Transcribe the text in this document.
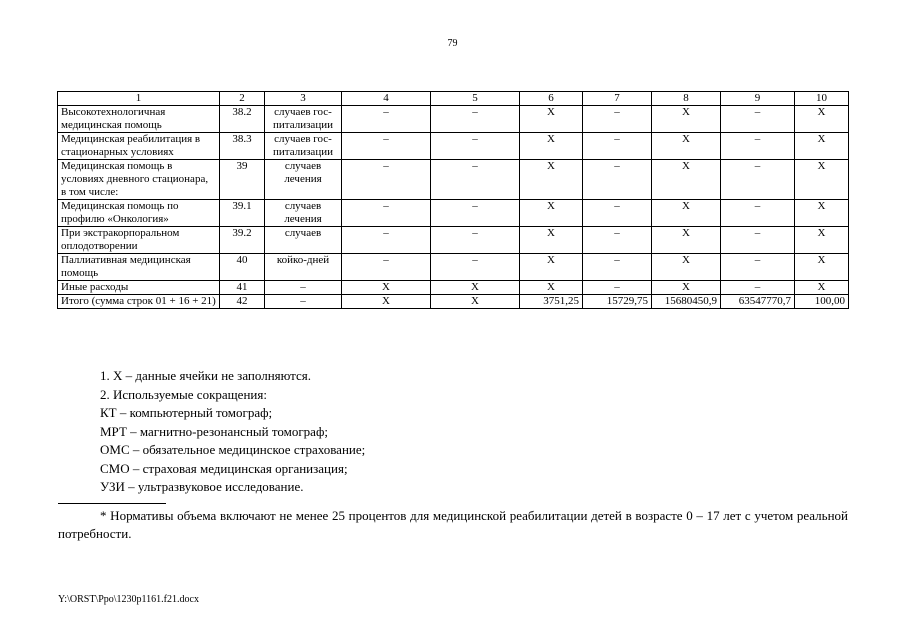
79
1	2	3	4	5	6	7	8	9	10
Высокотехнологичная медицинская помощь	38.2	случаев гос-питализации	–	–	X	–	X	–	X
Медицинская реабилитация в стационарных условиях	38.3	случаев гос-питализации	–	–	X	–	X	–	X
Медицинская помощь в условиях дневного стационара, в том числе:	39	случаев лечения	–	–	X	–	X	–	X
Медицинская помощь по профилю «Онкология»	39.1	случаев лечения	–	–	X	–	X	–	X
При экстракорпоральном оплодотворении	39.2	случаев	–	–	X	–	X	–	X
Паллиативная медицинская помощь	40	койко-дней	–	–	X	–	X	–	X
Иные расходы	41	–	X	X	X	–	X	–	X
Итого (сумма строк 01 + 16 + 21)	42	–	X	X	3751,25	15729,75	15680450,9	63547770,7	100,00
1. X – данные ячейки не заполняются.
2. Используемые сокращения:
КТ – компьютерный томограф;
МРТ – магнитно-резонансный томограф;
ОМС – обязательное медицинское страхование;
СМО – страховая медицинская организация;
УЗИ – ультразвуковое исследование.
* Нормативы объема включают не менее 25 процентов для медицинской реабилитации детей в возрасте 0 – 17 лет с учетом реальной потребности.
Y:\ORST\Ppo\1230p1161.f21.docx
